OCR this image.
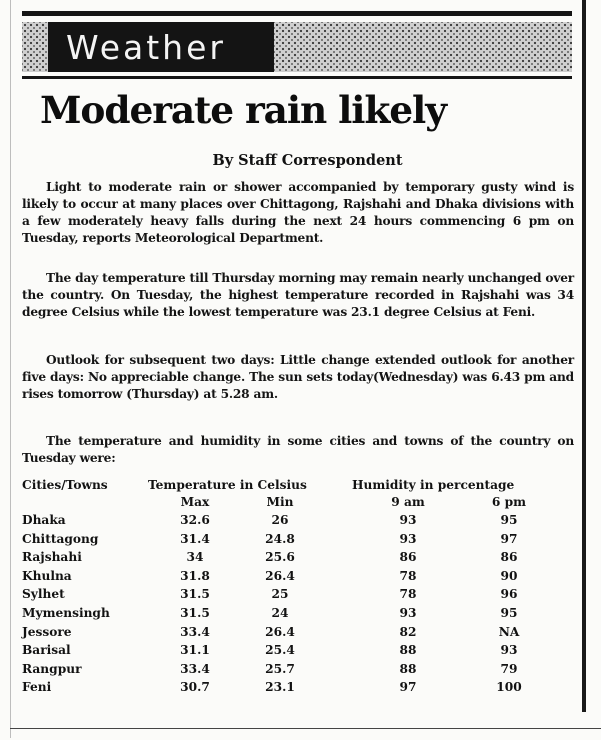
Weather
Moderate rain likely
By Staff Correspondent

Light to moderate rain or shower accompanied by temporary gusty wind is likely to occur at many places over Chittagong, Rajshahi and Dhaka divisions with a few moderately heavy falls during the next 24 hours commencing 6 pm on Tuesday, reports Meteorological Department.

The day temperature till Thursday morning may remain nearly unchanged over the country. On Tuesday, the highest temperature recorded in Rajshahi was 34 degree Celsius while the lowest temperature was 23.1 degree Celsius at Feni.

Outlook for subsequent two days: Little change extended outlook for another five days: No appreciable change. The sun sets today(Wednesday) was 6.43 pm and rises tomorrow (Thursday) at 5.28 am.

The temperature and humidity in some cities and towns of the country on Tuesday were:

Cities/Towns	Temperature in Celsius	Humidity in percentage
Max	Min	9 am	6 pm
Dhaka	32.6	26	93	95
Chittagong	31.4	24.8	93	97
Rajshahi	34	25.6	86	86
Khulna	31.8	26.4	78	90
Sylhet	31.5	25	78	96
Mymensingh	31.5	24	93	95
Jessore	33.4	26.4	82	NA
Barisal	31.1	25.4	88	93
Rangpur	33.4	25.7	88	79
Feni	30.7	23.1	97	100
